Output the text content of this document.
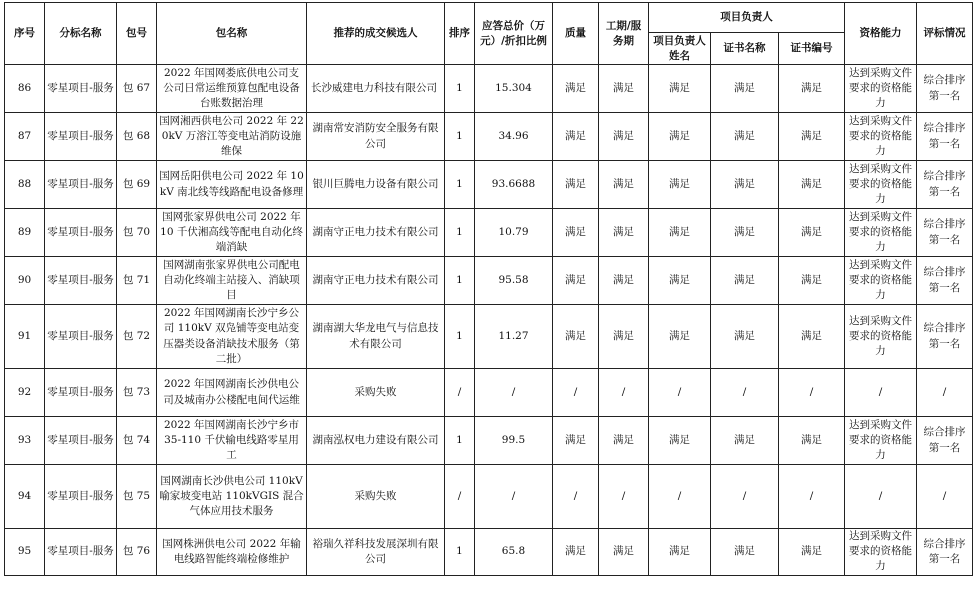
序号	分标名称	包号	包名称	推荐的成交候选人	排序	应答总价（万元）/折扣比例	质量	工期/服务期	项目负责人			资格能力	评标情况
									项目负责人姓名	证书名称	证书编号		
86	零星项目-服务	包 67	2022 年国网娄底供电公司支公司日常运维预算包配电设备台账数据治理	长沙威建电力科技有限公司	1	15.304	满足	满足	满足	满足	满足	达到采购文件要求的资格能力	综合排序第一名
87	零星项目-服务	包 68	国网湘西供电公司 2022 年 220kV 万溶江等变电站消防设施维保	湖南常安消防安全服务有限公司	1	34.96	满足	满足	满足	满足	满足	达到采购文件要求的资格能力	综合排序第一名
88	零星项目-服务	包 69	国网岳阳供电公司 2022 年 10kV 南北线等线路配电设备修理	银川巨腾电力设备有限公司	1	93.6688	满足	满足	满足	满足	满足	达到采购文件要求的资格能力	综合排序第一名
89	零星项目-服务	包 70	国网张家界供电公司 2022 年 10 千伏湘高线等配电自动化终端消缺	湖南守正电力技术有限公司	1	10.79	满足	满足	满足	满足	满足	达到采购文件要求的资格能力	综合排序第一名
90	零星项目-服务	包 71	国网湖南张家界供电公司配电自动化终端主站接入、消缺项目	湖南守正电力技术有限公司	1	95.58	满足	满足	满足	满足	满足	达到采购文件要求的资格能力	综合排序第一名
91	零星项目-服务	包 72	2022 年国网湖南长沙宁乡公司 110kV 双凫铺等变电站变压器类设备消缺技术服务（第二批）	湖南湖大华龙电气与信息技术有限公司	1	11.27	满足	满足	满足	满足	满足	达到采购文件要求的资格能力	综合排序第一名
92	零星项目-服务	包 73	2022 年国网湖南长沙供电公司及城南办公楼配电间代运维	采购失败	/	/	/	/	/	/	/	/	/
93	零星项目-服务	包 74	2022 年国网湖南长沙宁乡市 35-110 千伏输电线路零星用工	湖南泓权电力建设有限公司	1	99.5	满足	满足	满足	满足	满足	达到采购文件要求的资格能力	综合排序第一名
94	零星项目-服务	包 75	国网湖南长沙供电公司 110kV 喻家坡变电站 110kVGIS 混合气体应用技术服务	采购失败	/	/	/	/	/	/	/	/	/
95	零星项目-服务	包 76	国网株洲供电公司 2022 年输电线路智能终端检修维护	裕瑞久祥科技发展深圳有限公司	1	65.8	满足	满足	满足	满足	满足	达到采购文件要求的资格能力	综合排序第一名
